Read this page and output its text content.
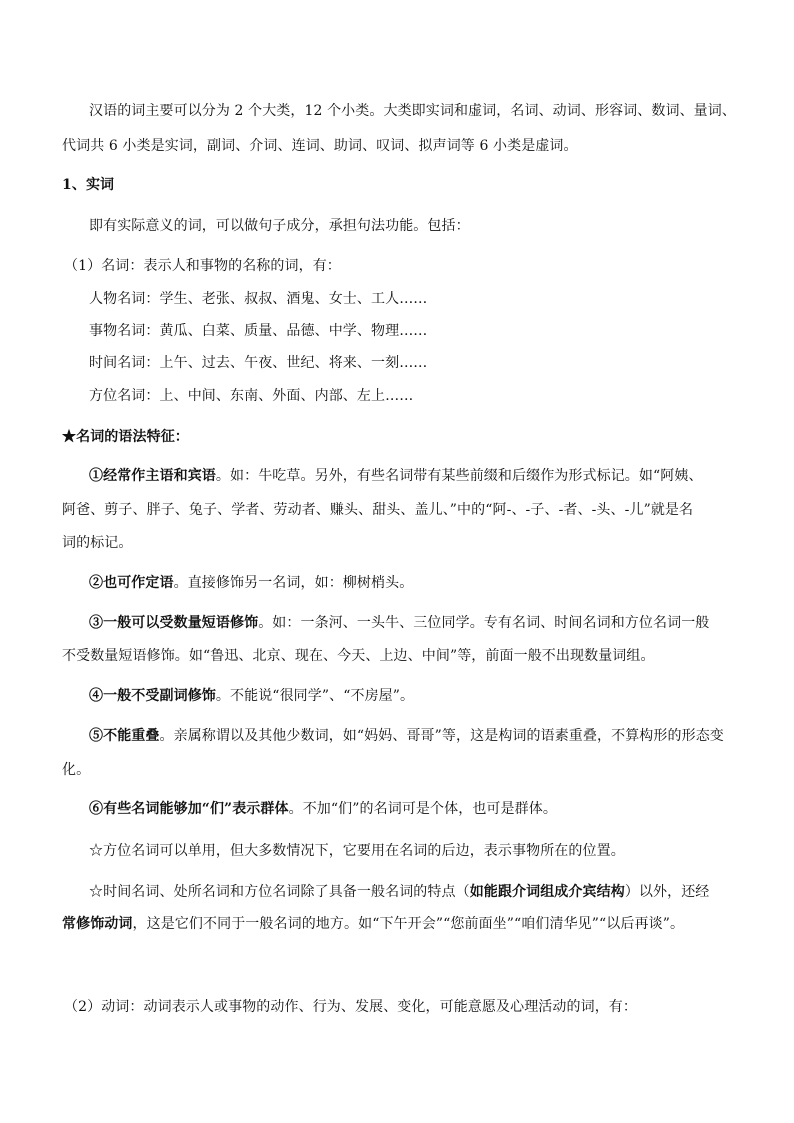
汉语的词主要可以分为 2 个大类，12 个小类。大类即实词和虚词，名词、动词、形容词、数词、量词、
代词共 6 小类是实词，副词、介词、连词、助词、叹词、拟声词等 6 小类是虚词。
1、实词
即有实际意义的词，可以做句子成分，承担句法功能。包括：
（1）名词：表示人和事物的名称的词，有：
人物名词：学生、老张、叔叔、酒鬼、女士、工人……
事物名词：黄瓜、白菜、质量、品德、中学、物理……
时间名词：上午、过去、午夜、世纪、将来、一刻……
方位名词：上、中间、东南、外面、内部、左上……
★名词的语法特征：
①经常作主语和宾语。如：牛吃草。另外，有些名词带有某些前缀和后缀作为形式标记。如“阿姨、
阿爸、剪子、胖子、兔子、学者、劳动者、赚头、甜头、盖儿、”中的“阿-、-子、-者、-头、-儿”就是名
词的标记。
②也可作定语。直接修饰另一名词，如：柳树梢头。
③一般可以受数量短语修饰。如：一条河、一头牛、三位同学。专有名词、时间名词和方位名词一般
不受数量短语修饰。如“鲁迅、北京、现在、今天、上边、中间”等，前面一般不出现数量词组。
④一般不受副词修饰。不能说“很同学”、“不房屋”。
⑤不能重叠。亲属称谓以及其他少数词，如“妈妈、哥哥”等，这是构词的语素重叠，不算构形的形态变
化。
⑥有些名词能够加“们”表示群体。不加“们”的名词可是个体，也可是群体。
☆方位名词可以单用，但大多数情况下，它要用在名词的后边，表示事物所在的位置。
☆时间名词、处所名词和方位名词除了具备一般名词的特点（如能跟介词组成介宾结构）以外，还经
常修饰动词，这是它们不同于一般名词的地方。如“下午开会”“您前面坐”“咱们清华见”“以后再谈”。
（2）动词：动词表示人或事物的动作、行为、发展、变化，可能意愿及心理活动的词，有：
